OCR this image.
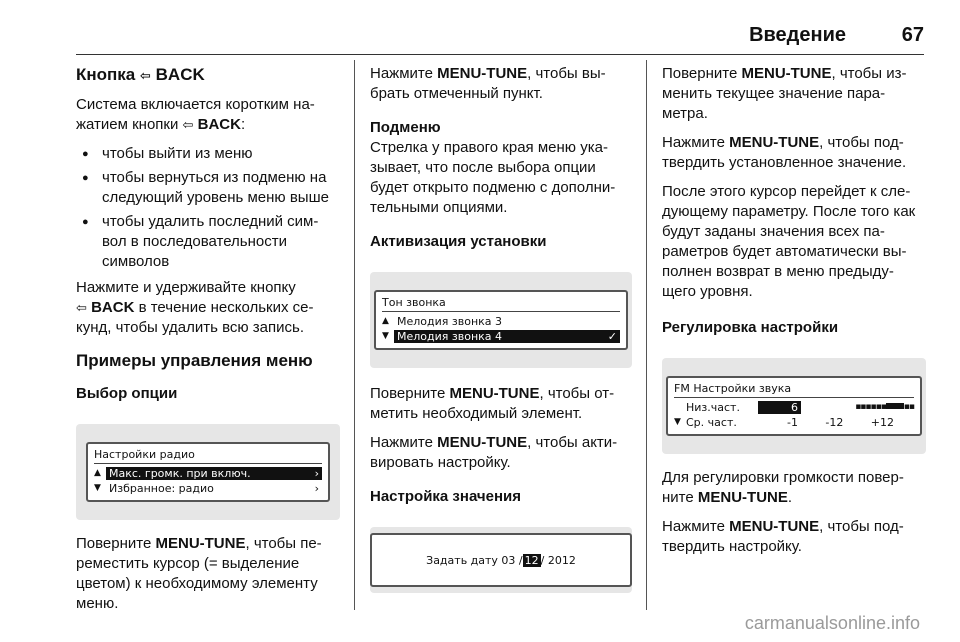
Введение	67
Кнопка ⇦ BACK

Система включается коротким на-
жатием кнопки ⇦ BACK:

● чтобы выйти из меню
● чтобы вернуться из подменю на следующий уровень меню выше
● чтобы удалить последний сим-вол в последовательности символов

Нажмите и удерживайте кнопку
⇦ BACK в течение нескольких се-кунд, чтобы удалить всю запись.

Примеры управления меню
Выбор опции
Настройки радио
▲ Макс. громк. при включ.	›
▼ Избранное: радио	›

Поверните MENU-TUNE, чтобы пе-реместить курсор (= выделение цветом) к необходимому элементу меню.

Нажмите MENU-TUNE, чтобы вы-брать отмеченный пункт.

Подменю

Стрелка у правого края меню ука-зывает, что после выбора опции будет открыто подменю с дополни-тельными опциями.

Активизация установки
Тон звонка
▲ Мелодия звонка 3
▼ Мелодия звонка 4	✓

Поверните MENU-TUNE, чтобы от-метить необходимый элемент.

Нажмите MENU-TUNE, чтобы акти-вировать настройку.

Настройка значения
Задать дату 03 / 12 / 2012

Поверните MENU-TUNE, чтобы из-менить текущее значение пара-метра.

Нажмите MENU-TUNE, чтобы под-твердить установленное значение.

После этого курсор перейдет к сле-дующему параметру. После того как будут заданы значения всех па-раметров будет автоматически вы-полнен возврат в меню предыду-щего уровня.

Регулировка настройки
FM Настройки звука
Низ.част.	6	▪▪▪▪▪▪ ▪▪
▼ Ср. част.	-1	-12	+12

Для регулировки громкости повер-ните MENU-TUNE.

Нажмите MENU-TUNE, чтобы под-твердить настройку.

carmanualsonline.info
